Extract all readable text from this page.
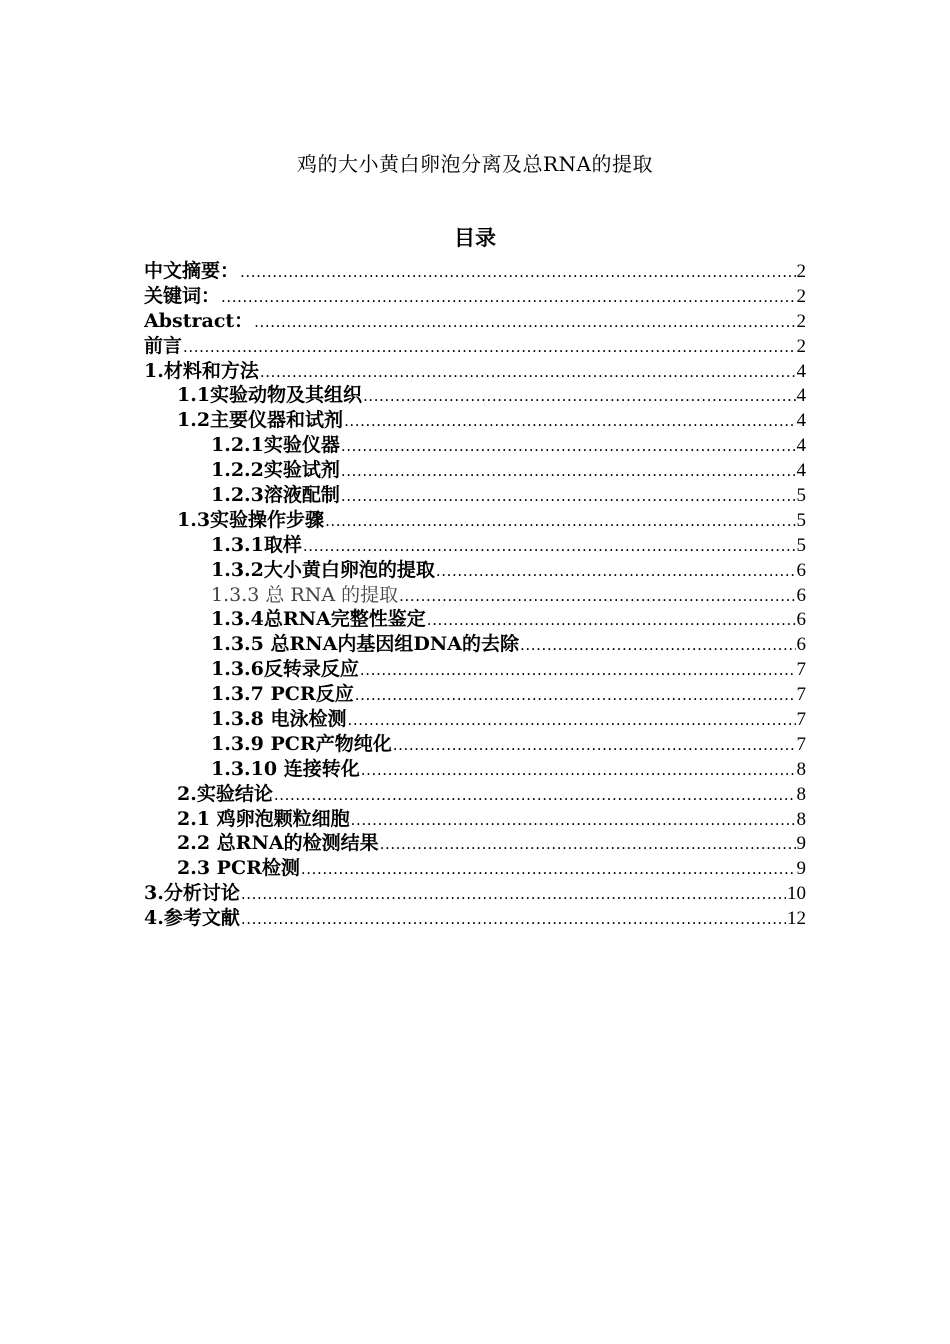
鸡的大小黄白卵泡分离及总RNA的提取
目录
中文摘要： .....	2
关键词： .....	2
Abstract： .....	2
前言 .....	2
1.材料和方法 .....	4
1.1实验动物及其组织 .....	4
1.2主要仪器和试剂 .....	4
1.2.1实验仪器 .....	4
1.2.2实验试剂 .....	4
1.2.3溶液配制 .....	5
1.3实验操作步骤 .....	5
1.3.1取样 .....	5
1.3.2大小黄白卵泡的提取 .....	6
1.3.3 总 RNA 的提取 .....	6
1.3.4总RNA完整性鉴定 .....	6
1.3.5 总RNA内基因组DNA的去除 .....	6
1.3.6反转录反应 .....	7
1.3.7 PCR反应 .....	7
1.3.8 电泳检测 .....	7
1.3.9 PCR产物纯化 .....	7
1.3.10 连接转化 .....	8
2.实验结论 .....	8
2.1 鸡卵泡颗粒细胞 .....	8
2.2 总RNA的检测结果 .....	9
2.3 PCR检测 .....	9
3.分析讨论 .....	10
4.参考文献 .....	12
